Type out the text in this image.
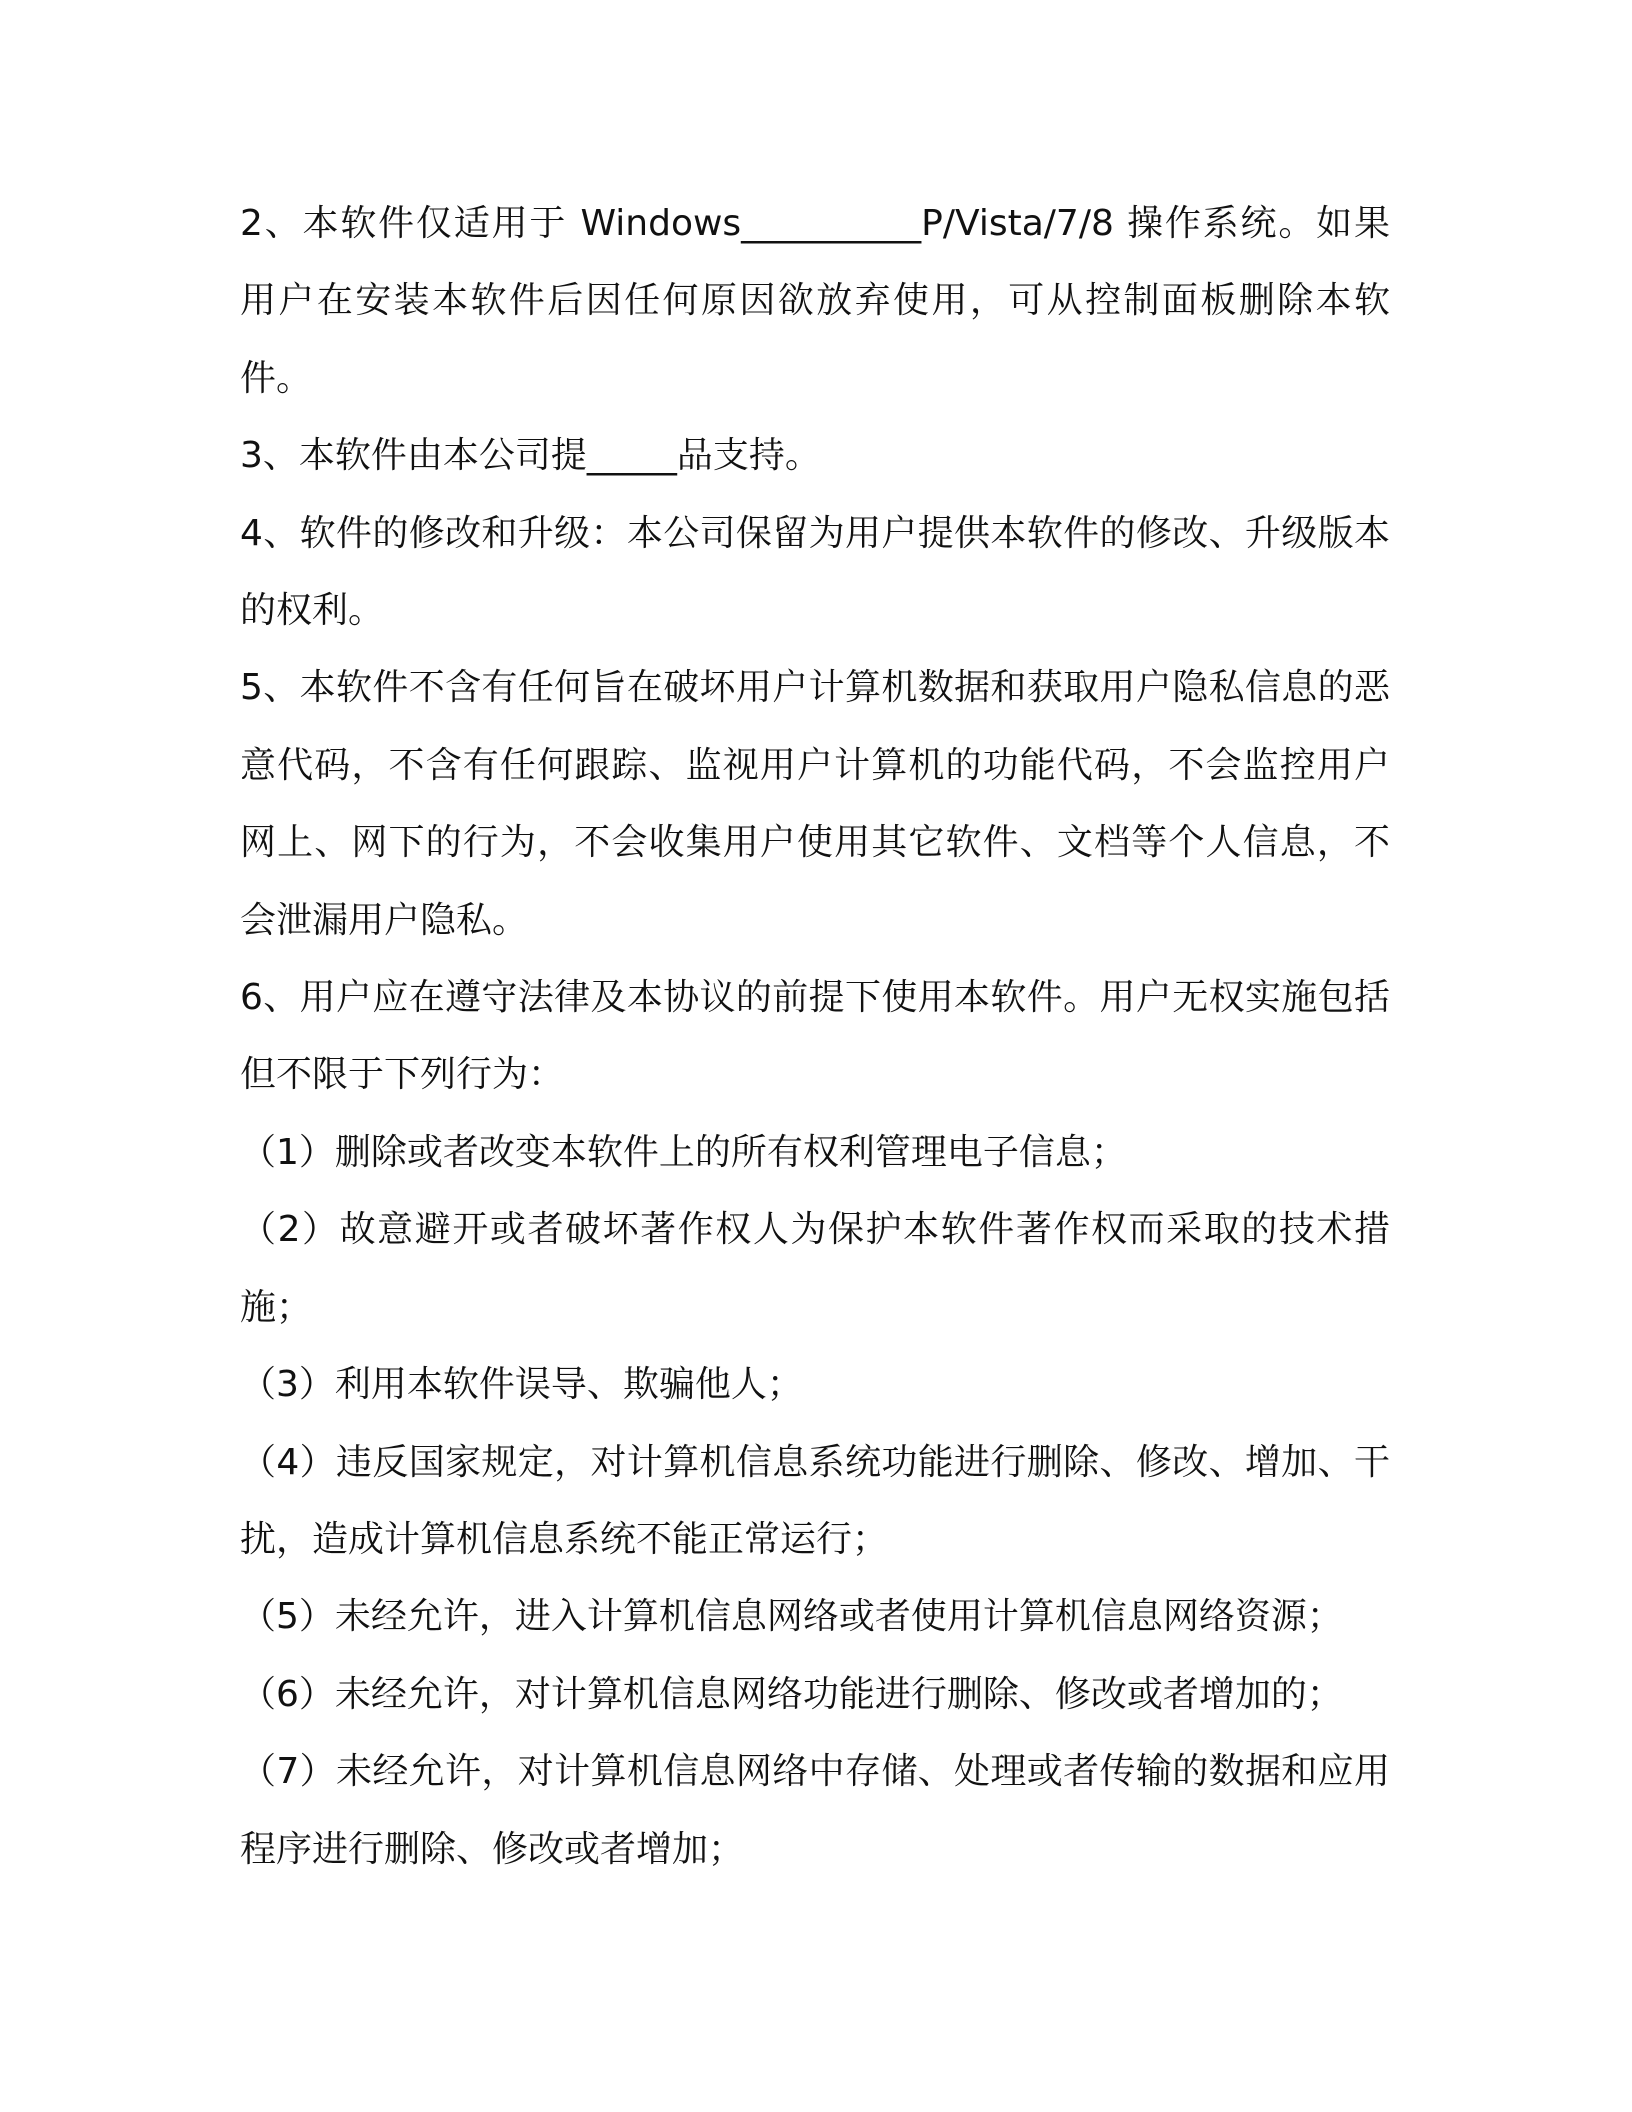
2、本软件仅适用于 Windows__________P/Vista/7/8 操作系统。如果用户在安装本软件后因任何原因欲放弃使用，可从控制面板删除本软件。

3、本软件由本公司提_____品支持。

4、软件的修改和升级：本公司保留为用户提供本软件的修改、升级版本的权利。

5、本软件不含有任何旨在破坏用户计算机数据和获取用户隐私信息的恶意代码，不含有任何跟踪、监视用户计算机的功能代码，不会监控用户网上、网下的行为，不会收集用户使用其它软件、文档等个人信息，不会泄漏用户隐私。

6、用户应在遵守法律及本协议的前提下使用本软件。用户无权实施包括但不限于下列行为：

（1）删除或者改变本软件上的所有权利管理电子信息；

（2）故意避开或者破坏著作权人为保护本软件著作权而采取的技术措施；

（3）利用本软件误导、欺骗他人；

（4）违反国家规定，对计算机信息系统功能进行删除、修改、增加、干扰，造成计算机信息系统不能正常运行；

（5）未经允许，进入计算机信息网络或者使用计算机信息网络资源；

（6）未经允许，对计算机信息网络功能进行删除、修改或者增加的；

（7）未经允许，对计算机信息网络中存储、处理或者传输的数据和应用程序进行删除、修改或者增加；
